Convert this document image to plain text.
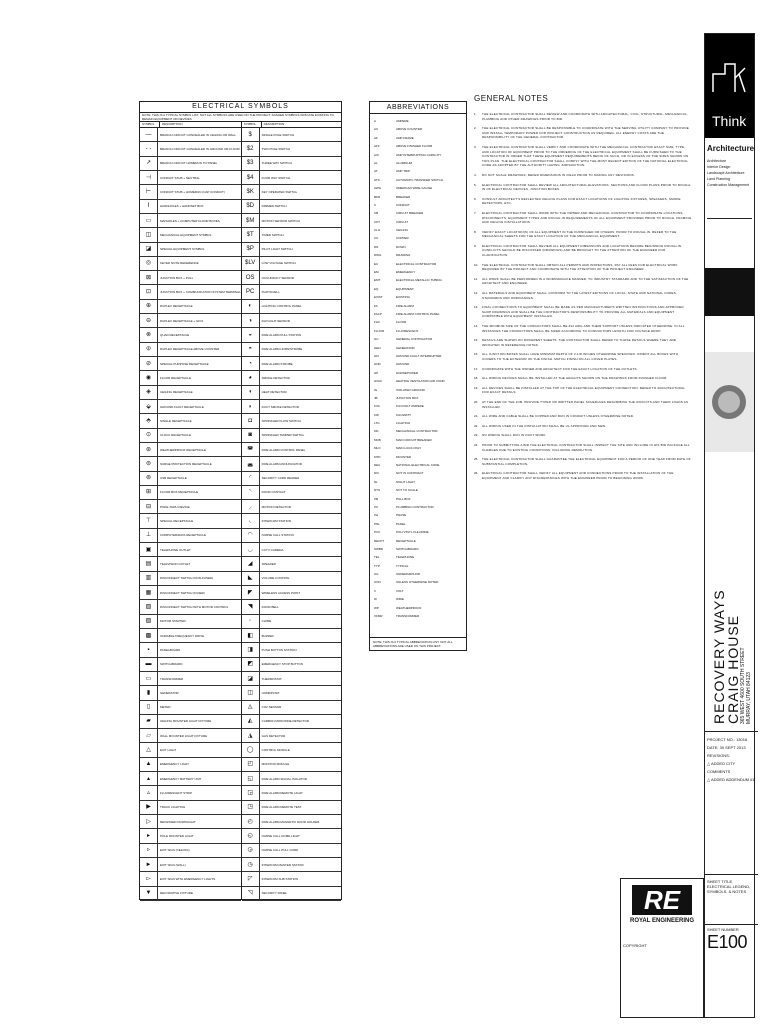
ELECTRICAL SYMBOLS
NOTE: THIS IS A TYPICAL SYMBOL LIST, NOT ALL SYMBOLS ARE USED ON THE PROJECT. DASHED SYMBOLS INDICATE EXISTING TO REMAIN EQUIPMENT OR DEVICES.
SYMBOL	DESCRIPTION
—	BRANCH CIRCUIT CONCEALED IN CEILING OR WALL
- -	BRANCH CIRCUIT CONCEALED IN GROUND OR FLOOR
↗	BRANCH CIRCUIT HOMERUN TO PANEL
⊣	CONDUIT STUB + NEUTRAL
⊢	CONDUIT STUB + HOMERUN (CAP CONDUIT)
⌇	HANDHOLES + HANDSET BOX
▭	MANHOLES + COMPUTER FLOOR BOXES
◫	MECHANICAL EQUIPMENT SYMBOL
◪	SPECIAL EQUIPMENT SYMBOL
◎	KEYED NOTE REFERENCE
⊠	JUNCTION BOX + PULL
⊡	JUNCTION BOX + COMMUNICATION SYSTEM TERMINAL
⊕	DUPLEX RECEPTACLE
⊖	DUPLEX RECEPTACLE + GFCI
⊗	QUAD RECEPTACLE
⦶	DUPLEX RECEPTACLE ABOVE COUNTER
⊘	SPECIAL PURPOSE RECEPTACLE
◉	FLOOR RECEPTACLE
◈	CEILING RECEPTACLE
⬙	GROUND FAULT RECEPTACLE
⬘	SINGLE RECEPTACLE
⊙	CLOCK RECEPTACLE
⊛	WEATHERPROOF RECEPTACLE
⊜	SURGE PROTECTION RECEPTACLE
⊚	USB RECEPTACLE
⊞	FLOOR BOX RECEPTACLE
⊟	POKE-THRU DEVICE
⊤	SPECIAL RECEPTACLE
⊥	COMPUTER/DATA RECEPTACLE
▣	TELEPHONE OUTLET
▤	TELEVISION OUTLET
▥	DISCONNECT SWITCH (NON-FUSED)
▦	DISCONNECT SWITCH (FUSED)
▧	DISCONNECT SWITCH WITH MOTOR CONTROL
▨	MOTOR STARTER
▩	VARIABLE FREQUENCY DRIVE
▪	PANELBOARD
▬	SWITCHBOARD
▭	TRANSFORMER
▮	GENERATOR
▯	METER
▰	CEILING MOUNTED LIGHT FIXTURE
▱	WALL MOUNTED LIGHT FIXTURE
△	EXIT LIGHT
▲	EMERGENCY LIGHT
▴	EMERGENCY BATTERY UNIT
▵	FLUORESCENT STRIP
▶	TRACK LIGHTING
▷	RECESSED DOWNLIGHT
▸	POLE MOUNTED LIGHT
▹	EXIT SIGN (CEILING)
►	EXIT SIGN (WALL)
▻	EXIT SIGN WITH EMERGENCY LIGHTS
▼	DECORATIVE FIXTURE
SYMBOL	DESCRIPTION
$	SINGLE POLE SWITCH
$2	TWO POLE SWITCH
$3	THREE WAY SWITCH
$4	FOUR WAY SWITCH
$K	KEY OPERATED SWITCH
$D	DIMMER SWITCH
$M	MOTION SENSOR SWITCH
$T	TIMER SWITCH
$P	PILOT LIGHT SWITCH
$LV	LOW VOLTAGE SWITCH
OS	OCCUPANCY SENSOR
PC	PHOTOCELL
◐	LIGHTING CONTROL PANEL
◑	DAYLIGHT SENSOR
◒	FIRE ALARM PULL STATION
◓	FIRE ALARM HORN/STROBE
◔	FIRE ALARM STROBE
◕	SMOKE DETECTOR
◖	HEAT DETECTOR
◗	DUCT SMOKE DETECTOR
◘	SPRINKLER FLOW SWITCH
◙	SPRINKLER TAMPER SWITCH
◚	FIRE ALARM CONTROL PANEL
◛	FIRE ALARM ANNUNCIATOR
◜	SECURITY CARD READER
◝	DOOR CONTACT
◞	MOTION DETECTOR
◟	INTERCOM STATION
◠	NURSE CALL STATION
◡	CCTV CAMERA
◢	SPEAKER
◣	VOLUME CONTROL
◤	WIRELESS ACCESS POINT
◥	DOOR BELL
◦	CHIME
◧	BUZZER
◨	PUSH BUTTON STATION
◩	EMERGENCY STOP BUTTON
◪	THERMOSTAT
◫	HUMIDISTAT
◬	CO2 SENSOR
◭	CARBON MONOXIDE DETECTOR
◮	GAS DETECTOR
◯	CONTROL MODULE
◰	MONITOR MODULE
◱	FIRE ALARM SIGNAL ISOLATOR
◲	FIRE ALARM REMOTE LIGHT
◳	FIRE ALARM REMOTE TEST
◴	FIRE ALARM MAGNETIC DOOR HOLDER
◵	NURSE CALL DOME LIGHT
◶	NURSE CALL PULL CORD
◷	INTERCOM MASTER STATION
◸	INTERCOM SUB STATION
◹	SECURITY PANEL
ABBREVIATIONS
A	AMPERE
AC	ABOVE COUNTER
AF	AMP FRAME
AFF	ABOVE FINISHED FLOOR
AIC	AMP INTERRUPTING CAPACITY
AL	ALUMINUM
AT	AMP TRIP
ATS	AUTOMATIC TRANSFER SWITCH
AWG	AMERICAN WIRE GAUGE
BKR	BREAKER
C	CONDUIT
CB	CIRCUIT BREAKER
CKT	CIRCUIT
CLG	CEILING
CU	COPPER
DN	DOWN
DWG	DRAWING
EC	ELECTRICAL CONTRACTOR
EM	EMERGENCY
EMT	ELECTRICAL METALLIC TUBING
EQ	EQUIPMENT
EXIST	EXISTING
FA	FIRE ALARM
FACP	FIRE ALARM CONTROL PANEL
FLR	FLOOR
FLUOR	FLUORESCENT
GC	GENERAL CONTRACTOR
GEN	GENERATOR
GFI	GROUND FAULT INTERRUPTER
GND	GROUND
HP	HORSEPOWER
HVAC	HEATING VENTILATION AIR COND
IG	ISOLATED GROUND
JB	JUNCTION BOX
KVA	KILOVOLT AMPERE
KW	KILOWATT
LTG	LIGHTING
MC	MECHANICAL CONTRACTOR
MCB	MAIN CIRCUIT BREAKER
MLO	MAIN LUGS ONLY
MTD	MOUNTED
NEC	NATIONAL ELECTRICAL CODE
NIC	NOT IN CONTRACT
NL	NIGHT LIGHT
NTS	NOT TO SCALE
PB	PULL BOX
PC	PLUMBING CONTRACTOR
PH	PHASE
PNL	PANEL
PVC	POLYVINYL CHLORIDE
RECPT	RECEPTACLE
SWBD	SWITCHBOARD
TEL	TELEPHONE
TYP	TYPICAL
UG	UNDERGROUND
UON	UNLESS OTHERWISE NOTED
V	VOLT
W	WIRE
WP	WEATHERPROOF
XFMR	TRANSFORMER
NOTE: THIS IS A TYPICAL ABBREVIATION LIST. NOT ALL ABBREVIATIONS ARE USED ON THIS PROJECT.
GENERAL NOTES
1.	THE ELECTRICAL CONTRACTOR SHALL REVIEW AND COORDINATE WITH ARCHITECTURAL, CIVIL, STRUCTURAL, MECHANICAL, PLUMBING AND OTHER DRAWINGS PRIOR TO BID.
2.	THE ELECTRICAL CONTRACTOR SHALL BE RESPONSIBLE TO COORDINATE WITH THE SERVING UTILITY COMPANY TO PROVIDE AND INSTALL TEMPORARY POWER FOR PROJECT CONSTRUCTION AS REQUIRED. ALL ENERGY COSTS ARE THE RESPONSIBILITY OF THE GENERAL CONTRACTOR.
3.	THE ELECTRICAL CONTRACTOR SHALL VERIFY AND COORDINATE WITH THE MECHANICAL CONTRACTOR EXACT SIZE, TYPE, AND LOCATION OF EQUIPMENT PRIOR TO THE ORDERING OF THE ELECTRICAL EQUIPMENT SHALL BE FURNISHED TO THE CONTRACTOR IN ORDER THAT THESE EQUIPMENT REQUIREMENTS BEING OF SUCH, OR IN EXCESS OF THE SIZES SHOWN ON THIS PLAN. THE ELECTRICAL CONTRACTOR SHALL COMPLY WITH THE MOST RECENT EDITION OF THE NATIONAL ELECTRICAL CODE AS ADOPTED BY THE AUTHORITY HAVING JURISDICTION.
4.	DO NOT SCALE DRAWINGS; REFER DIMENSIONS IN FIELD PRIOR TO MAKING ANY REVISIONS.
5.	ELECTRICAL CONTRACTOR SHALL REVIEW ALL ARCHITECTURAL ELEVATIONS, SECTIONS AND FLOOR PLANS PRIOR TO ROUGH-IN OF ELECTRICAL DEVICES, JUNCTION BOXES.
6.	CONSULT ARCHITECT'S REFLECTED CEILING PLANS FOR EXACT LOCATIONS OF LIGHTING FIXTURES, SPEAKERS, SMOKE DETECTORS, ETC.
7.	ELECTRICAL CONTRACTOR SHALL WORK WITH THE OWNER AND MECHANICAL CONTRACTOR TO COORDINATE LOCATIONS, DISCONNECTS, EQUIPMENT TYPES AND ROUGH-IN REQUIREMENTS OF ALL EQUIPMENT PROVIDED PRIOR TO ROUGH, FRAMING AND CEILING INSTALLATIONS.
8.	VERIFY EXACT LOCATION(S) OF ALL EQUIPMENT IN THE FURNISHED OR OTHERS, PRIOR TO ROUGH-IN. REFER TO THE MECHANICAL SHEETS FOR THE EXACT LOCATION OF THE MECHANICAL EQUIPMENT.
9.	ELECTRICAL CONTRACTOR SHALL REVIEW ALL EQUIPMENT DIMENSIONS AND LOCATIONS BEFORE BEGINNING ROUGH-IN. CONFLICTS SHOULD BE DISCUSSED (DRAWINGS) AND BE BROUGHT TO THE ATTENTION OF THE ENGINEER FOR CLARIFICATION.
10.	THE ELECTRICAL CONTRACTOR SHALL OBTAIN ALL PERMITS AND INSPECTIONS, PAY ALL FEES FOR ELECTRICAL WORK REQUIRED BY THE PROJECT AND COORDINATE WITH THE ATTENTION OF THE PROJECT ENGINEER.
11.	ALL WORK SHALL BE PERFORMED IN A WORKMANLIKE MANNER, TO INDUSTRY STANDARD AND TO THE SATISFACTION OF THE ARCHITECT AND ENGINEER.
12.	ALL MATERIALS AND EQUIPMENT SHALL CONFORM TO THE LATEST EDITIONS OF LOCAL, STATE AND NATIONAL CODES, STANDARDS AND ORDINANCES.
13.	FINAL CONNECTIONS TO EQUIPMENT SHALL BE MADE AS PER MANUFACTURER'S WRITTEN INSTRUCTIONS AND APPROVED SHOP DRAWINGS AND SHALL BE THE CONTRACTOR'S RESPONSIBILITY TO PROVIDE ALL MATERIALS AND EQUIPMENT COMPATIBLE WITH EQUIPMENT INSTALLED.
14.	THE MINIMUM SIZE OF THE CONDUCTORS SHALL BE #12 AWG AND THEIR SUPPORT UNLESS INDICATED OTHERWISE. IN ALL INSTANCES THE CONDUCTORS SHALL BE SIZED ACCORDING TO CONDUCTORS LENGTH FOR VOLTAGE DROP.
15.	DETAILS ARE SHOWN ON DIFFERENT SHEETS. THE CONTRACTOR SHALL REFER TO THOSE DETAILS WHERE THEY ARE INDICATED IN REFERENCE NOTES.
16.	ALL JUNCTION BOXES SHALL HAVE MINIMUM DEPTH OF 2-1/8 INCHES OTHERWISE SPECIFIED. ORIENT ALL BOXES WITH COVERS TO THE EXTERIOR OF THE FINISH. MATCH FINISH ON ALL COVER PLATES.
17.	COORDINATE WITH THE OWNER AND ARCHITECT FOR THE EXACT LOCATION OF THE OUTLETS.
18.	ALL WIRING DEVICES SHALL BE INSTALLED AT THE HEIGHTS SHOWN ON THE DRAWINGS FROM FINISHED FLOOR.
19.	ALL DEVICES SHALL BE INSTALLED AT THE TOP OF THE ELECTRICAL EQUIPMENT CONNECTION. REFER TO ARCHITECTURAL FOR EXACT DETAILS.
20.	AT THE END OF THE JOB, PROVIDE TYPED OR WRITTEN PANEL SCHEDULES DESCRIBING THE CIRCUITS AND THEIR LOADS AS INSTALLED.
21.	ALL WIRE AND CABLE SHALL BE COPPER AND RUN IN CONDUIT UNLESS OTHERWISE NOTED.
22.	ALL WIRING USED IN THE INSTALLATION SHALL BE UL APPROVED AND NEW.
23.	NO WIRING SHALL RUN IN DUCT WORK.
24.	PRIOR TO SUBMITTING A BID THE ELECTRICAL CONTRACTOR SHALL INSPECT THE SITE AND INCLUDE IN HIS BID PACKAGE ALL CHARGES DUE TO EXISTING CONDITIONS, INCLUDING DEMOLITION.
25.	THE ELECTRICAL CONTRACTOR SHALL GUARANTEE THE ELECTRICAL EQUIPMENT FOR A PERIOD OF ONE YEAR FROM DATE OF SUBSTANTIAL COMPLETION.
26.	ELECTRICAL CONTRACTOR SHALL VERIFY ALL EQUIPMENT AND CONNECTIONS PRIOR TO THE INSTALLATION OF THE EQUIPMENT AND CLARIFY ANY DISCREPANCIES WITH THE ENGINEER PRIOR TO BEGINNING WORK.
Think
Architecture
Architecture
Interior Design
Landscape Architecture
Land Planning
Construction Management
RECOVERY WAYS
CRAIG HOUSE 365 WEST 4600 SOUTH STREET MURRAY, UTAH 84123
PROJECT NO.: 13016
DATE: 30 SEPT 2013
REVISIONS:
△ ADDED CITY COMMENTS
△ ADDED ADDENDUM #1
SHEET TITLE
ELECTRICAL LEGEND, SYMBOLS, & NOTES
SHEET NUMBER
E100
RE
ROYAL ENGINEERING
COPYRIGHT
